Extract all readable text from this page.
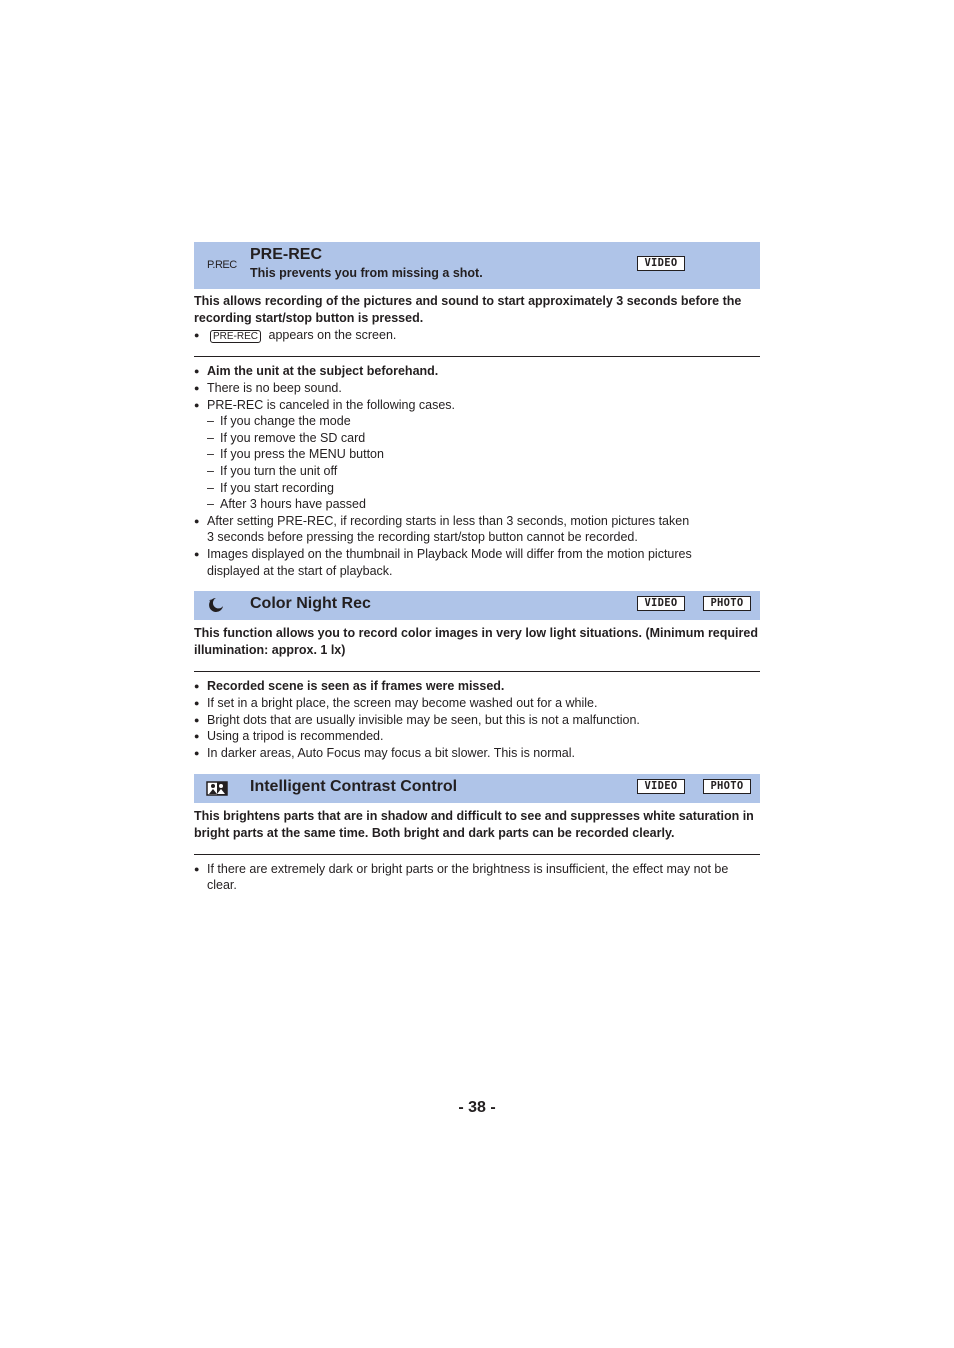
P.REC
PRE-REC
This prevents you from missing a shot.
VIDEO
This allows recording of the pictures and sound to start approximately 3 seconds before the recording start/stop button is pressed.
●	PRE-REC appears on the screen.
● Aim the unit at the subject beforehand.
● There is no beep sound.
● PRE-REC is canceled in the following cases.
– If you change the mode
– If you remove the SD card
– If you press the MENU button
– If you turn the unit off
– If you start recording
– After 3 hours have passed
● After setting PRE-REC, if recording starts in less than 3 seconds, motion pictures taken
3 seconds before pressing the recording start/stop button cannot be recorded.
● Images displayed on the thumbnail in Playback Mode will differ from the motion pictures
displayed at the start of playback.
Color Night Rec	VIDEO	PHOTO
This function allows you to record color images in very low light situations. (Minimum required illumination: approx. 1 lx)
● Recorded scene is seen as if frames were missed.
● If set in a bright place, the screen may become washed out for a while.
● Bright dots that are usually invisible may be seen, but this is not a malfunction.
● Using a tripod is recommended.
● In darker areas, Auto Focus may focus a bit slower. This is normal.
Intelligent Contrast Control	VIDEO	PHOTO
This brightens parts that are in shadow and difficult to see and suppresses white saturation in bright parts at the same time. Both bright and dark parts can be recorded clearly.
● If there are extremely dark or bright parts or the brightness is insufficient, the effect may not be
clear.
- 38 -
